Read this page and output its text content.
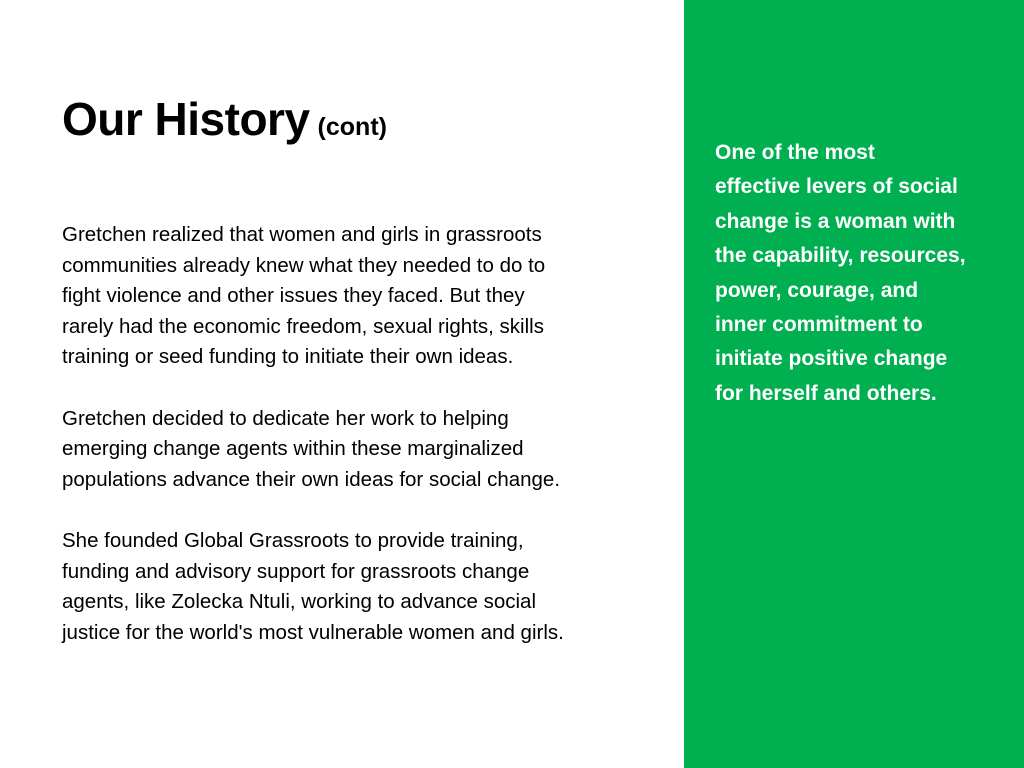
Our History (cont)

Gretchen realized that women and girls in grassroots
communities already knew what they needed to do to
fight violence and other issues they faced. But they
rarely had the economic freedom, sexual rights, skills
training or seed funding to initiate their own ideas.

Gretchen decided to dedicate her work to helping
emerging change agents within these marginalized
populations advance their own ideas for social change.

She founded Global Grassroots to provide training,
funding and advisory support for grassroots change
agents, like Zolecka Ntuli, working to advance social
justice for the world's most vulnerable women and girls.

One of the most
effective levers of social
change is a woman with
the capability, resources,
power, courage, and
inner commitment to
initiate positive change
for herself and others.
